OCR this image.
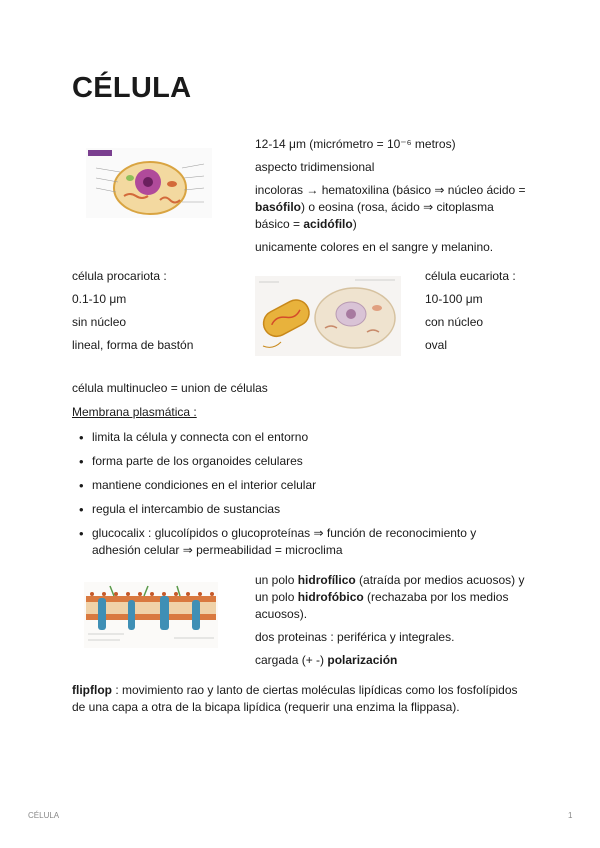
CÉLULA
12-14 μm (micrómetro = 10⁻⁶ metros)
aspecto tridimensional
incoloras → hematoxilina (básico ⇒ núcleo ácido = basófilo) o eosina (rosa, ácido ⇒ citoplasma básico = acidófilo)
unicamente colores en el sangre y melanino.
célula procariota :
0.1-10 μm
sin núcleo
lineal, forma de bastón
célula eucariota :
10-100 μm
con núcleo
oval
célula multinucleo = union de células
Membrana plasmática :
• limita la célula y connecta con el entorno
• forma parte de los organoides celulares
• mantiene condiciones en el interior celular
• regula el intercambio de sustancias
• glucocalix : glucolípidos o glucoproteínas ⇒ función de reconocimiento y adhesión celular ⇒ permeabilidad = microclima
un polo hidrofílico (atraída por medios acuosos) y un polo hidrofóbico (rechazaba por los medios acuosos).
dos proteinas : periférica y integrales.
cargada (+ -) polarización
flipflop : movimiento rao y lanto de ciertas moléculas lipídicas como los fosfolípidos de una capa a otra de la bicapa lipídica (requerir una enzima la flippasa).
CÉLULA	1
